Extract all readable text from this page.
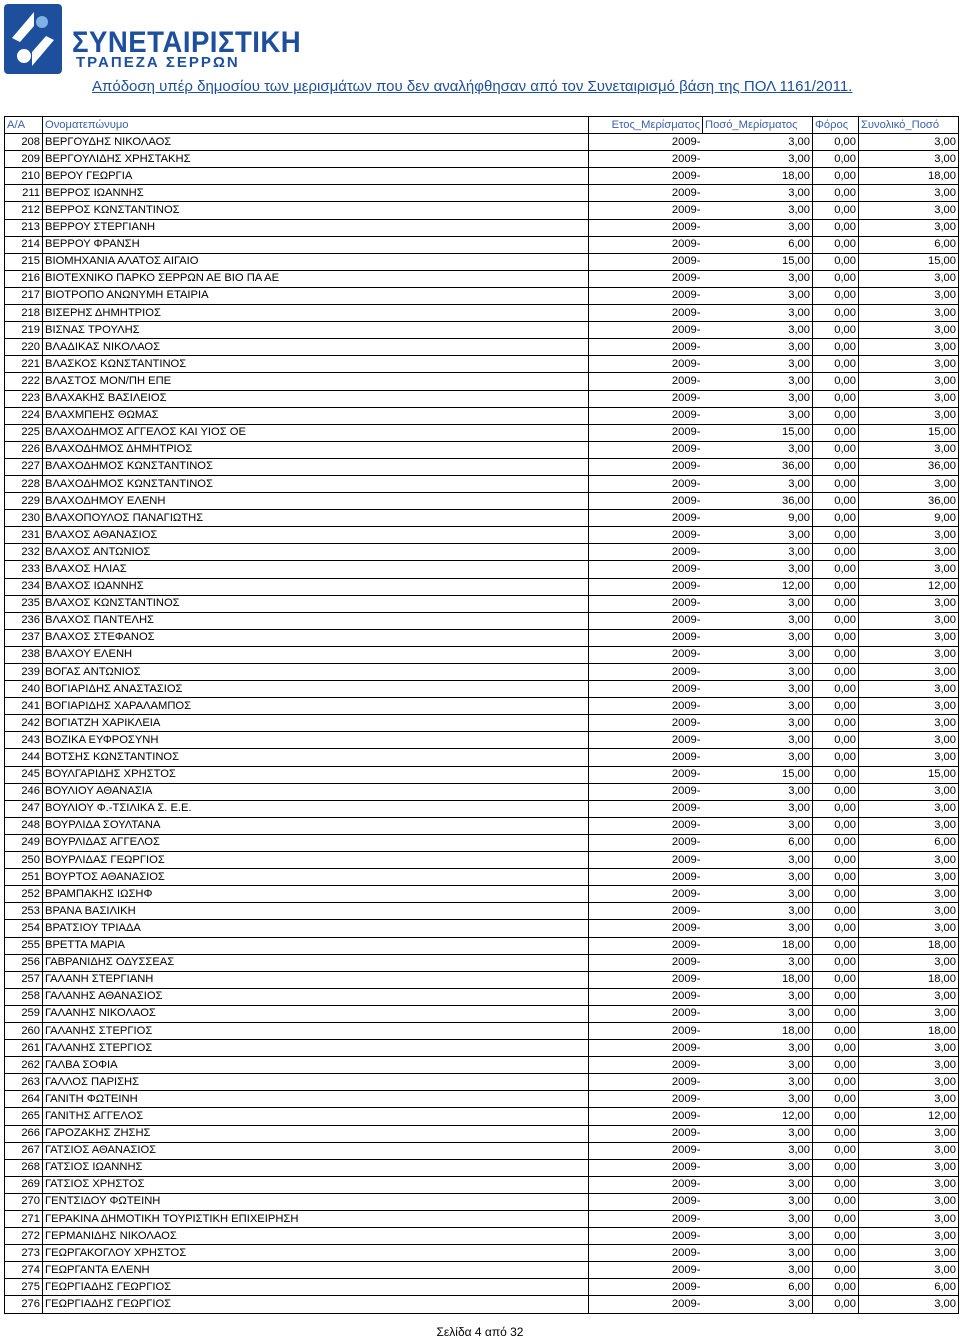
ΣΥΝΕΤΑΙΡΙΣΤΙΚΗ
ΤΡΑΠΕΖΑ ΣΕΡΡΩΝ
Απόδοση υπέρ δημοσίου των μερισμάτων που δεν αναλήφθησαν από τον Συνεταιρισμό βάση της ΠΟΛ 1161/2011.
Α/Α	Ονοματεπώνυμο	Ετος_Μερίσματος	Ποσό_Μερίσματος	Φόρος	Συνολικό_Ποσό
208	ΒΕΡΓΟΥΔΗΣ ΝΙΚΟΛΑΟΣ	2009-	3,00	0,00	3,00
209	ΒΕΡΓΟΥΛΙΔΗΣ ΧΡΗΣΤΑΚΗΣ	2009-	3,00	0,00	3,00
210	ΒΕΡΟΥ ΓΕΩΡΓΙΑ	2009-	18,00	0,00	18,00
211	ΒΕΡΡΟΣ ΙΩΑΝΝΗΣ	2009-	3,00	0,00	3,00
212	ΒΕΡΡΟΣ ΚΩΝΣΤΑΝΤΙΝΟΣ	2009-	3,00	0,00	3,00
213	ΒΕΡΡΟΥ ΣΤΕΡΓΙΑΝΗ	2009-	3,00	0,00	3,00
214	ΒΕΡΡΟΥ ΦΡΑΝΣΗ	2009-	6,00	0,00	6,00
215	ΒΙΟΜΗΧΑΝΙΑ ΑΛΑΤΟΣ ΑΙΓΑΙΟ	2009-	15,00	0,00	15,00
216	ΒΙΟΤΕΧΝΙΚΟ ΠΑΡΚΟ ΣΕΡΡΩΝ ΑΕ ΒΙΟ ΠΑ ΑΕ	2009-	3,00	0,00	3,00
217	ΒΙΟΤΡΟΠΟ ΑΝΩΝΥΜΗ ΕΤΑΙΡΙΑ	2009-	3,00	0,00	3,00
218	ΒΙΣΕΡΗΣ ΔΗΜΗΤΡΙΟΣ	2009-	3,00	0,00	3,00
219	ΒΙΣΝΑΣ ΤΡΟΥΛΗΣ	2009-	3,00	0,00	3,00
220	ΒΛΑΔΙΚΑΣ ΝΙΚΟΛΑΟΣ	2009-	3,00	0,00	3,00
221	ΒΛΑΣΚΟΣ ΚΩΝΣΤΑΝΤΙΝΟΣ	2009-	3,00	0,00	3,00
222	ΒΛΑΣΤΟΣ ΜΟΝ/ΠΗ ΕΠΕ	2009-	3,00	0,00	3,00
223	ΒΛΑΧΑΚΗΣ ΒΑΣΙΛΕΙΟΣ	2009-	3,00	0,00	3,00
224	ΒΛΑΧΜΠΕΗΣ ΘΩΜΑΣ	2009-	3,00	0,00	3,00
225	ΒΛΑΧΟΔΗΜΟΣ ΑΓΓΕΛΟΣ ΚΑΙ ΥΙΟΣ ΟΕ	2009-	15,00	0,00	15,00
226	ΒΛΑΧΟΔΗΜΟΣ ΔΗΜΗΤΡΙΟΣ	2009-	3,00	0,00	3,00
227	ΒΛΑΧΟΔΗΜΟΣ ΚΩΝΣΤΑΝΤΙΝΟΣ	2009-	36,00	0,00	36,00
228	ΒΛΑΧΟΔΗΜΟΣ ΚΩΝΣΤΑΝΤΙΝΟΣ	2009-	3,00	0,00	3,00
229	ΒΛΑΧΟΔΗΜΟΥ ΕΛΕΝΗ	2009-	36,00	0,00	36,00
230	ΒΛΑΧΟΠΟΥΛΟΣ ΠΑΝΑΓΙΩΤΗΣ	2009-	9,00	0,00	9,00
231	ΒΛΑΧΟΣ ΑΘΑΝΑΣΙΟΣ	2009-	3,00	0,00	3,00
232	ΒΛΑΧΟΣ ΑΝΤΩΝΙΟΣ	2009-	3,00	0,00	3,00
233	ΒΛΑΧΟΣ ΗΛΙΑΣ	2009-	3,00	0,00	3,00
234	ΒΛΑΧΟΣ ΙΩΑΝΝΗΣ	2009-	12,00	0,00	12,00
235	ΒΛΑΧΟΣ ΚΩΝΣΤΑΝΤΙΝΟΣ	2009-	3,00	0,00	3,00
236	ΒΛΑΧΟΣ ΠΑΝΤΕΛΗΣ	2009-	3,00	0,00	3,00
237	ΒΛΑΧΟΣ ΣΤΕΦΑΝΟΣ	2009-	3,00	0,00	3,00
238	ΒΛΑΧΟΥ ΕΛΕΝΗ	2009-	3,00	0,00	3,00
239	ΒΟΓΑΣ ΑΝΤΩΝΙΟΣ	2009-	3,00	0,00	3,00
240	ΒΟΓΙΑΡΙΔΗΣ ΑΝΑΣΤΑΣΙΟΣ	2009-	3,00	0,00	3,00
241	ΒΟΓΙΑΡΙΔΗΣ ΧΑΡΑΛΑΜΠΟΣ	2009-	3,00	0,00	3,00
242	ΒΟΓΙΑΤΖΗ ΧΑΡΙΚΛΕΙΑ	2009-	3,00	0,00	3,00
243	ΒΟΖΙΚΑ ΕΥΦΡΟΣΥΝΗ	2009-	3,00	0,00	3,00
244	ΒΟΤΣΗΣ ΚΩΝΣΤΑΝΤΙΝΟΣ	2009-	3,00	0,00	3,00
245	ΒΟΥΛΓΑΡΙΔΗΣ ΧΡΗΣΤΟΣ	2009-	15,00	0,00	15,00
246	ΒΟΥΛΙΟΥ ΑΘΑΝΑΣΙΑ	2009-	3,00	0,00	3,00
247	ΒΟΥΛΙΟΥ Φ.-ΤΣΙΛΙΚΑ Σ. Ε.Ε.	2009-	3,00	0,00	3,00
248	ΒΟΥΡΛΙΔΑ ΣΟΥΛΤΑΝΑ	2009-	3,00	0,00	3,00
249	ΒΟΥΡΛΙΔΑΣ ΑΓΓΕΛΟΣ	2009-	6,00	0,00	6,00
250	ΒΟΥΡΛΙΔΑΣ ΓΕΩΡΓΙΟΣ	2009-	3,00	0,00	3,00
251	ΒΟΥΡΤΟΣ ΑΘΑΝΑΣΙΟΣ	2009-	3,00	0,00	3,00
252	ΒΡΑΜΠΑΚΗΣ ΙΩΣΗΦ	2009-	3,00	0,00	3,00
253	ΒΡΑΝΑ ΒΑΣΙΛΙΚΗ	2009-	3,00	0,00	3,00
254	ΒΡΑΤΣΙΟΥ ΤΡΙΑΔΑ	2009-	3,00	0,00	3,00
255	ΒΡΕΤΤΑ ΜΑΡΙΑ	2009-	18,00	0,00	18,00
256	ΓΑΒΡΑΝΙΔΗΣ ΟΔΥΣΣΕΑΣ	2009-	3,00	0,00	3,00
257	ΓΑΛΑΝΗ ΣΤΕΡΓΙΑΝΗ	2009-	18,00	0,00	18,00
258	ΓΑΛΑΝΗΣ ΑΘΑΝΑΣΙΟΣ	2009-	3,00	0,00	3,00
259	ΓΑΛΑΝΗΣ ΝΙΚΟΛΑΟΣ	2009-	3,00	0,00	3,00
260	ΓΑΛΑΝΗΣ ΣΤΕΡΓΙΟΣ	2009-	18,00	0,00	18,00
261	ΓΑΛΑΝΗΣ ΣΤΕΡΓΙΟΣ	2009-	3,00	0,00	3,00
262	ΓΑΛΒΑ ΣΟΦΙΑ	2009-	3,00	0,00	3,00
263	ΓΑΛΛΟΣ ΠΑΡΙΣΗΣ	2009-	3,00	0,00	3,00
264	ΓΑΝΙΤΗ ΦΩΤΕΙΝΗ	2009-	3,00	0,00	3,00
265	ΓΑΝΙΤΗΣ ΑΓΓΕΛΟΣ	2009-	12,00	0,00	12,00
266	ΓΑΡΟΖΑΚΗΣ ΖΗΣΗΣ	2009-	3,00	0,00	3,00
267	ΓΑΤΣΙΟΣ ΑΘΑΝΑΣΙΟΣ	2009-	3,00	0,00	3,00
268	ΓΑΤΣΙΟΣ ΙΩΑΝΝΗΣ	2009-	3,00	0,00	3,00
269	ΓΑΤΣΙΟΣ ΧΡΗΣΤΟΣ	2009-	3,00	0,00	3,00
270	ΓΕΝΤΣΙΔΟΥ ΦΩΤΕΙΝΗ	2009-	3,00	0,00	3,00
271	ΓΕΡΑΚΙΝΑ ΔΗΜΟΤΙΚΗ ΤΟΥΡΙΣΤΙΚΗ ΕΠΙΧΕΙΡΗΣΗ	2009-	3,00	0,00	3,00
272	ΓΕΡΜΑΝΙΔΗΣ ΝΙΚΟΛΑΟΣ	2009-	3,00	0,00	3,00
273	ΓΕΩΡΓΑΚΟΓΛΟΥ ΧΡΗΣΤΟΣ	2009-	3,00	0,00	3,00
274	ΓΕΩΡΓΑΝΤΑ ΕΛΕΝΗ	2009-	3,00	0,00	3,00
275	ΓΕΩΡΓΙΑΔΗΣ ΓΕΩΡΓΙΟΣ	2009-	6,00	0,00	6,00
276	ΓΕΩΡΓΙΑΔΗΣ ΓΕΩΡΓΙΟΣ	2009-	3,00	0,00	3,00
Σελίδα 4 από 32
